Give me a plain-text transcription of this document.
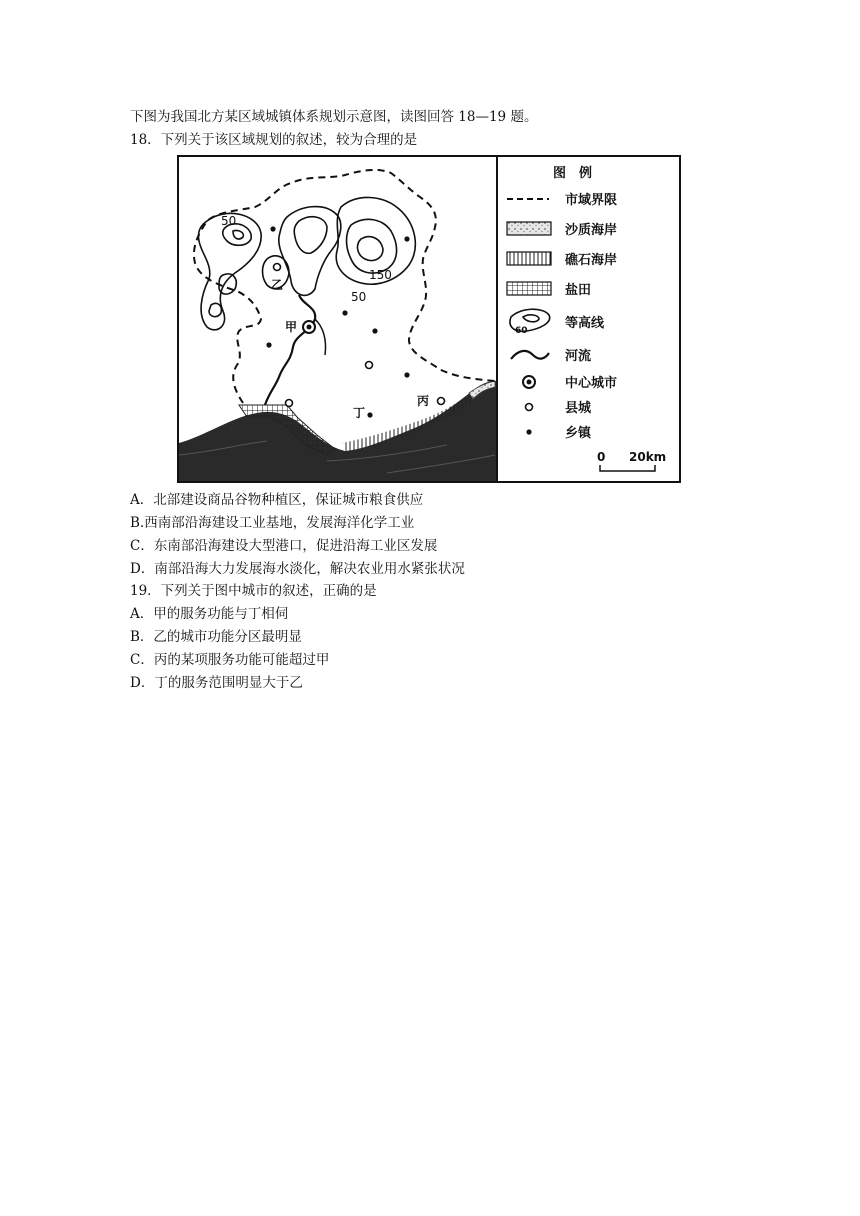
下图为我国北方某区域城镇体系规划示意图，读图回答 18—19 题。
18．下列关于该区域规划的叙述，较为合理的是
50
150
50
甲
乙
丙
丁
图　例
市域界限
沙质海岸
礁石海岸
盐田
60	等高线
河流
中心城市
县城
乡镇
0 20km
A．北部建设商品谷物种植区，保证城市粮食供应
B.西南部沿海建设工业基地，发展海洋化学工业
C．东南部沿海建设大型港口，促进沿海工业区发展
D．南部沿海大力发展海水淡化，解决农业用水紧张状况
19．下列关于图中城市的叙述，正确的是
A．甲的服务功能与丁相伺
B．乙的城市功能分区最明显
C．丙的某项服务功能可能超过甲
D．丁的服务范围明显大于乙
